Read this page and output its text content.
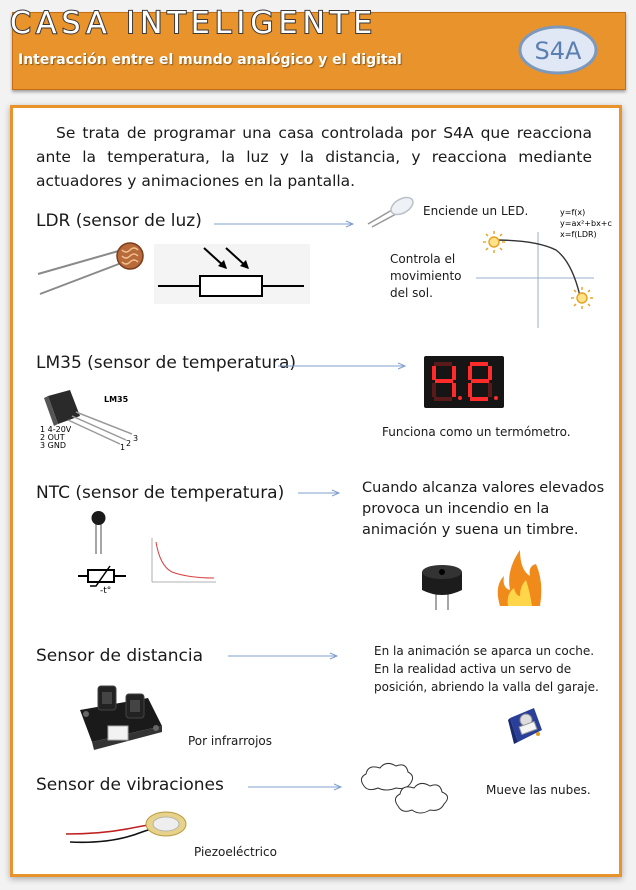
CASA INTELIGENTE
Interacción entre el mundo analógico y el digital	S4A
Se trata de programar una casa controlada por S4A que reacciona ante la temperatura, la luz y la distancia, y reacciona mediante actuadores y animaciones en la pantalla.
LDR (sensor de luz)	Enciende un LED.
Controla el
movimiento
del sol.
y=f(x)
y=ax²+bx+c
x=f(LDR)
LM35 (sensor de temperatura)
LM35
1 4-20V
2 OUT
3 GND	1 2
3	Funciona como un termómetro.
NTC (sensor de temperatura)	Cuando alcanza valores elevados
provoca un incendio en la
animación y suena un timbre.
-t°
Sensor de distancia	En la animación se aparca un coche.
En la realidad activa un servo de
posición, abriendo la valla del garaje.
Por infrarrojos
Sensor de vibraciones	Mueve las nubes.
Piezoeléctrico
